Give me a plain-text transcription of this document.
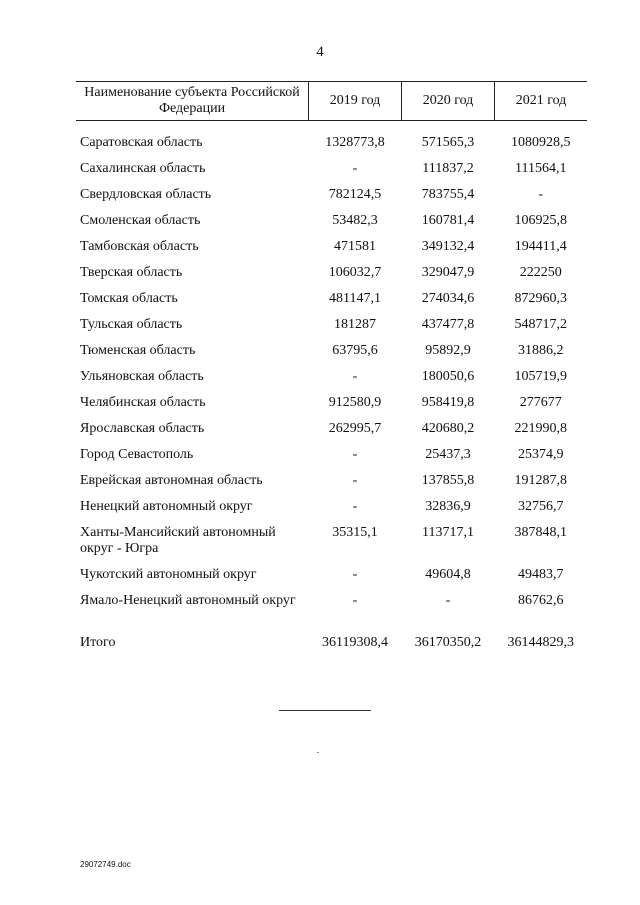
4
Наименование субъекта Российской Федерации	2019 год	2020 год	2021 год

Саратовская область	1328773,8	571565,3	1080928,5
Сахалинская область	-	111837,2	111564,1
Свердловская область	782124,5	783755,4	-
Смоленская область	53482,3	160781,4	106925,8
Тамбовская область	471581	349132,4	194411,4
Тверская область	106032,7	329047,9	222250
Томская область	481147,1	274034,6	872960,3
Тульская область	181287	437477,8	548717,2
Тюменская область	63795,6	95892,9	31886,2
Ульяновская область	-	180050,6	105719,9
Челябинская область	912580,9	958419,8	277677
Ярославская область	262995,7	420680,2	221990,8
Город Севастополь	-	25437,3	25374,9
Еврейская автономная область	-	137855,8	191287,8
Ненецкий автономный округ	-	32836,9	32756,7
Ханты-Мансийский автономный округ - Югра	35315,1	113717,1	387848,1
Чукотский автономный округ	-	49604,8	49483,7
Ямало-Ненецкий автономный округ	-	-	86762,6
Итого	36119308,4	36170350,2	36144829,3
29072749.doc
